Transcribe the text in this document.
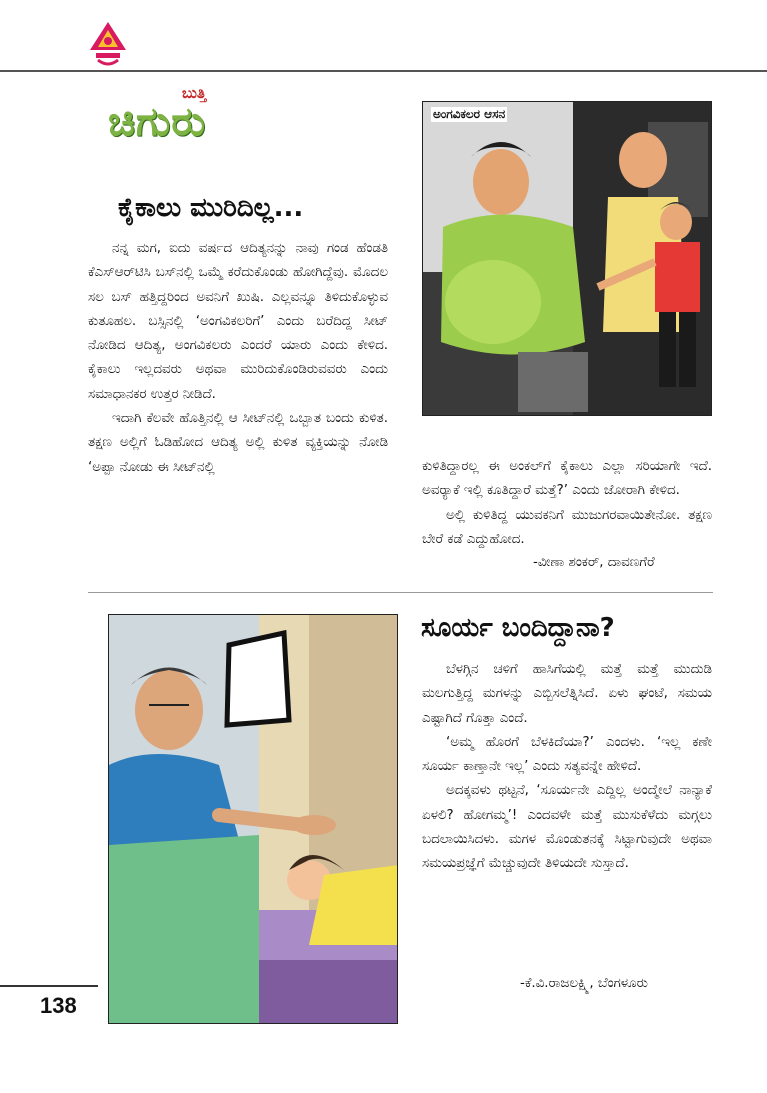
ಬುತ್ತಿ
ಚಿಗುರು
ಕೈಕಾಲು ಮುರಿದಿಲ್ಲ...

ನನ್ನ ಮಗ, ಐದು ವರ್ಷದ ಆದಿತ್ಯನನ್ನು ನಾವು ಗಂಡ ಹೆಂಡತಿ ಕೆಎಸ್‌ಆರ್‌ಟಿಸಿ ಬಸ್‌ನಲ್ಲಿ ಒಮ್ಮೆ ಕರೆದುಕೊಂಡು ಹೋಗಿದ್ದೆವು. ಮೊದಲ ಸಲ ಬಸ್ ಹತ್ತಿದ್ದರಿಂದ ಅವನಿಗೆ ಖುಷಿ. ಎಲ್ಲವನ್ನೂ ತಿಳಿದುಕೊಳ್ಳುವ ಕುತೂಹಲ. ಬಸ್ಸಿನಲ್ಲಿ ‘ಅಂಗವಿಕಲರಿಗೆ’ ಎಂದು ಬರೆದಿದ್ದ ಸೀಟ್ ನೋಡಿದ ಆದಿತ್ಯ, ಅಂಗವಿಕಲರು ಎಂದರೆ ಯಾರು ಎಂದು ಕೇಳಿದ. ಕೈಕಾಲು ಇಲ್ಲದವರು ಅಥವಾ ಮುರಿದುಕೊಂಡಿರುವವರು ಎಂದು ಸಮಾಧಾನಕರ ಉತ್ತರ ನೀಡಿದೆ.

ಇದಾಗಿ ಕೆಲವೇ ಹೊತ್ತಿನಲ್ಲಿ ಆ ಸೀಟ್‌ನಲ್ಲಿ ಒಬ್ಬಾತ ಬಂದು ಕುಳಿತ. ತಕ್ಷಣ ಅಲ್ಲಿಗೆ ಓಡಿಹೋದ ಆದಿತ್ಯ ಅಲ್ಲಿ ಕುಳಿತ ವ್ಯಕ್ತಿಯನ್ನು ನೋಡಿ ‘ಅಪ್ಪಾ ನೋಡು ಈ ಸೀಟ್‌ನಲ್ಲಿ

ಅಂಗವಿಕಲರ ಆಸನ

ಕುಳಿತಿದ್ದಾರಲ್ಲ ಈ ಅಂಕಲ್‌ಗೆ ಕೈಕಾಲು ಎಲ್ಲಾ ಸರಿಯಾಗೇ ಇದೆ. ಅವರ್‍ಯಾಕೆ ಇಲ್ಲಿ ಕೂತಿದ್ದಾರೆ ಮತ್ತೆ?’ ಎಂದು ಜೋರಾಗಿ ಕೇಳಿದ.

ಅಲ್ಲಿ ಕುಳಿತಿದ್ದ ಯುವಕನಿಗೆ ಮುಜುಗರವಾಯಿತೇನೋ. ತಕ್ಷಣ ಬೇರೆ ಕಡೆ ಎದ್ದುಹೋದ.

-ವೀಣಾ ಶಂಕರ್, ದಾವಣಗೆರೆ
ಸೂರ್ಯ ಬಂದಿದ್ದಾನಾ?

ಬೆಳಗ್ಗಿನ ಚಳಿಗೆ ಹಾಸಿಗೆಯಲ್ಲಿ ಮತ್ತೆ ಮತ್ತೆ ಮುದುಡಿ ಮಲಗುತ್ತಿದ್ದ ಮಗಳನ್ನು ಎಬ್ಬಿಸಲೆತ್ನಿಸಿದೆ. ಏಳು ಘಂಟೆ, ಸಮಯ ಎಷ್ಟಾಗಿದೆ ಗೊತ್ತಾ ಎಂದೆ.

‘ಅಮ್ಮ ಹೊರಗೆ ಬೆಳಕಿದೆಯಾ?’ ಎಂದಳು. ‘ಇಲ್ಲ ಕಣೇ ಸೂರ್ಯ ಕಾಣ್ತಾನೇ ಇಲ್ಲ’ ಎಂದು ಸತ್ಯವನ್ನೇ ಹೇಳಿದೆ.

ಅದಕ್ಕವಳು ಥಟ್ಟನೆ, ‘ಸೂರ್ಯನೇ ಎದ್ದಿಲ್ಲ ಅಂದ್ಮೇಲೆ ನಾನ್ಯಾಕೆ ಏಳಲಿ? ಹೋಗಮ್ಮ’! ಎಂದವಳೇ ಮತ್ತೆ ಮುಸುಕೆಳೆದು ಮಗ್ಗಲು ಬದಲಾಯಿಸಿದಳು. ಮಗಳ ಮೊಂಡುತನಕ್ಕೆ ಸಿಟ್ಟಾಗುವುದೇ ಅಥವಾ ಸಮಯಪ್ರಜ್ಞೆಗೆ ಮೆಚ್ಚುವುದೇ ತಿಳಿಯದೇ ಸುಸ್ತಾದೆ.

-ಕೆ.ವಿ.ರಾಜಲಕ್ಷ್ಮಿ, ಬೆಂಗಳೂರು
138
